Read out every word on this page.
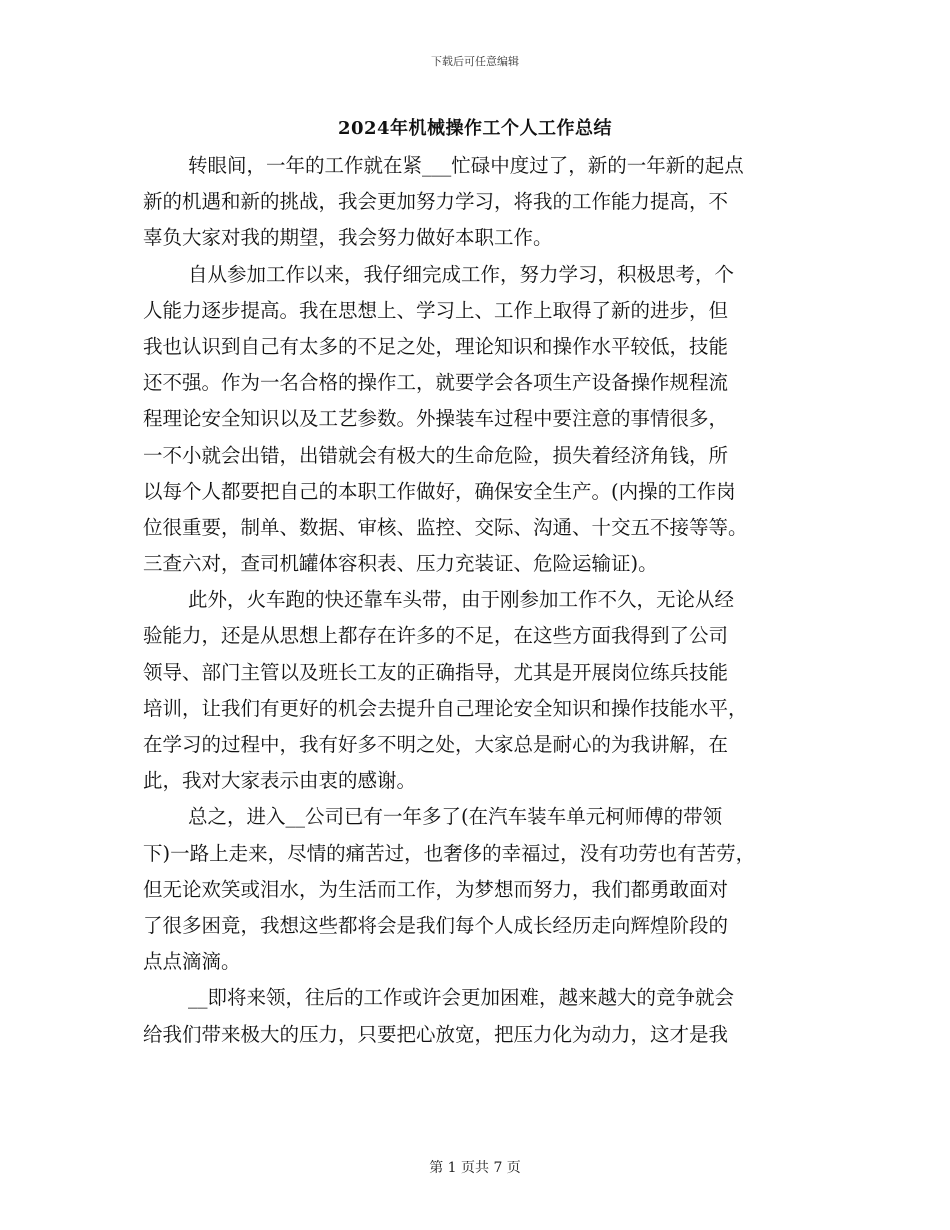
下载后可任意编辑
2024年机械操作工个人工作总结
转眼间，一年的工作就在紧___忙碌中度过了，新的一年新的起点
新的机遇和新的挑战，我会更加努力学习，将我的工作能力提高，不
辜负大家对我的期望，我会努力做好本职工作。
自从参加工作以来，我仔细完成工作，努力学习，积极思考，个
人能力逐步提高。我在思想上、学习上、工作上取得了新的进步，但
我也认识到自己有太多的不足之处，理论知识和操作水平较低，技能
还不强。作为一名合格的操作工，就要学会各项生产设备操作规程流
程理论安全知识以及工艺参数。外操装车过程中要注意的事情很多，
一不小就会出错，出错就会有极大的生命危险，损失着经济角钱，所
以每个人都要把自己的本职工作做好，确保安全生产。(内操的工作岗
位很重要，制单、数据、审核、监控、交际、沟通、十交五不接等等。
三查六对，查司机罐体容积表、压力充装证、危险运输证)。
此外，火车跑的快还靠车头带，由于刚参加工作不久，无论从经
验能力，还是从思想上都存在许多的不足，在这些方面我得到了公司
领导、部门主管以及班长工友的正确指导，尤其是开展岗位练兵技能
培训，让我们有更好的机会去提升自己理论安全知识和操作技能水平，
在学习的过程中，我有好多不明之处，大家总是耐心的为我讲解，在
此，我对大家表示由衷的感谢。
总之，进入__公司已有一年多了(在汽车装车单元柯师傅的带领
下)一路上走来，尽情的痛苦过，也奢侈的幸福过，没有功劳也有苦劳，
但无论欢笑或泪水，为生活而工作，为梦想而努力，我们都勇敢面对
了很多困竟，我想这些都将会是我们每个人成长经历走向辉煌阶段的
点点滴滴。
__即将来领，往后的工作或许会更加困难，越来越大的竞争就会
给我们带来极大的压力，只要把心放宽，把压力化为动力，这才是我
第 1 页共 7 页
